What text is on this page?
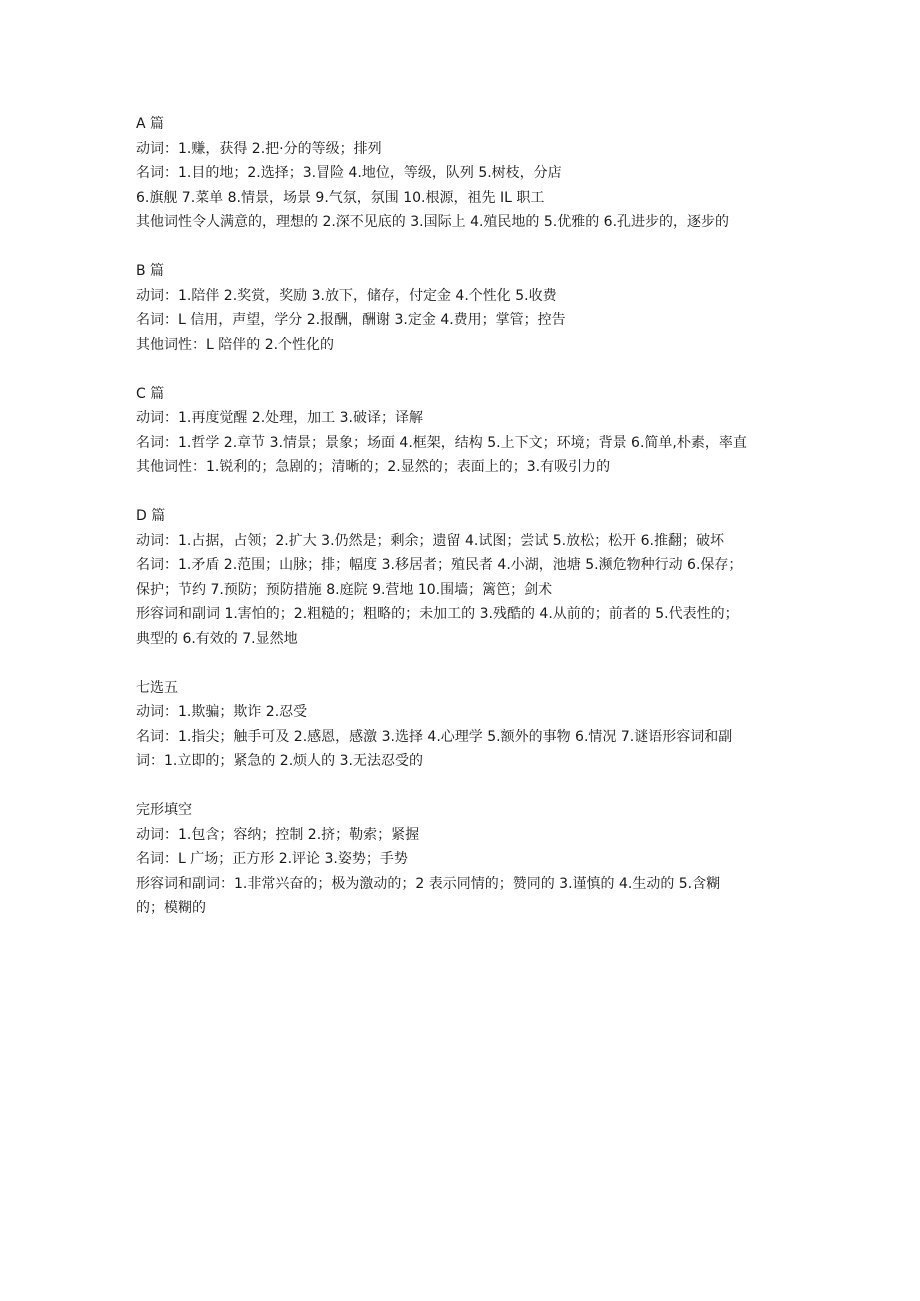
A 篇
动词：1.赚，获得 2.把·分的等级；排列
名词：1.目的地；2.选择；3.冒险 4.地位，等级，队列 5.树枝，分店
6.旗舰 7.菜单 8.情景，场景 9.气氛，氛围 10.根源，祖先 IL 职工
其他词性令人满意的，理想的 2.深不见底的 3.国际上 4.殖民地的 5.优雅的 6.孔进步的，逐步的
B 篇
动词：1.陪伴 2.奖赏，奖励 3.放下，储存，付定金 4.个性化 5.收费
名词：L 信用，声望，学分 2.报酬，酬谢 3.定金 4.费用；掌管；控告
其他词性：L 陪伴的 2.个性化的
C 篇
动词：1.再度觉醒 2.处理，加工 3.破译；译解
名词：1.哲学 2.章节 3.情景；景象；场面 4.框架，结构 5.上下文；环境；背景 6.简单,朴素，率直
其他词性：1.锐利的；急剧的；清晰的；2.显然的；表面上的；3.有吸引力的
D 篇
动词：1.占据，占领；2.扩大 3.仍然是；剩余；遗留 4.试图；尝试 5.放松；松开 6.推翻；破坏
名词：1.矛盾 2.范围；山脉；排；幅度 3.移居者；殖民者 4.小湖，池塘 5.濒危物种行动 6.保存；
保护；节约 7.预防；预防措施 8.庭院 9.营地 10.围墙；篱笆；剑术
形容词和副词 1.害怕的；2.粗糙的；粗略的；未加工的 3.残酷的 4.从前的；前者的 5.代表性的；
典型的 6.有效的 7.显然地
七选五
动词：1.欺骗；欺诈 2.忍受
名词：1.指尖；触手可及 2.感恩，感激 3.选择 4.心理学 5.额外的事物 6.情况 7.谜语形容词和副
词：1.立即的；紧急的 2.烦人的 3.无法忍受的
完形填空
动词：1.包含；容纳；控制 2.挤；勒索；紧握
名词：L 广场；正方形 2.评论 3.姿势；手势
形容词和副词：1.非常兴奋的；极为激动的；2 表示同情的；赞同的 3.谨慎的 4.生动的 5.含糊
的；模糊的
